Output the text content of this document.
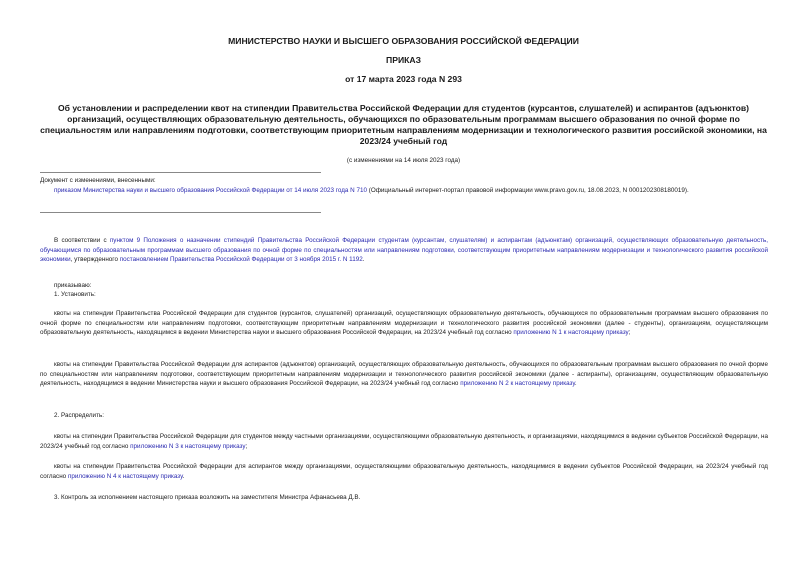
МИНИСТЕРСТВО НАУКИ И ВЫСШЕГО ОБРАЗОВАНИЯ РОССИЙСКОЙ ФЕДЕРАЦИИ
ПРИКАЗ
от 17 марта 2023 года N 293
Об установлении и распределении квот на стипендии Правительства Российской Федерации для студентов (курсантов, слушателей) и аспирантов (адъюнктов) организаций, осуществляющих образовательную деятельность, обучающихся по образовательным программам высшего образования по очной форме по специальностям или направлениям подготовки, соответствующим приоритетным направлениям модернизации и технологического развития российской экономики, на 2023/24 учебный год
(с изменениями на 14 июля 2023 года)
Документ с изменениями, внесенными:
приказом Министерства науки и высшего образования Российской Федерации от 14 июля 2023 года N 710 (Официальный интернет-портал правовой информации www.pravo.gov.ru, 18.08.2023, N 0001202308180019).
В соответствии с пунктом 9 Положения о назначении стипендий Правительства Российской Федерации студентам (курсантам, слушателям) и аспирантам (адъюнктам) организаций, осуществляющих образовательную деятельность, обучающимся по образовательным программам высшего образования по очной форме по специальностям или направлениям подготовки, соответствующим приоритетным направлениям модернизации и технологического развития российской экономики, утвержденного постановлением Правительства Российской Федерации от 3 ноября 2015 г. N 1192.
приказываю:
1. Установить:
квоты на стипендии Правительства Российской Федерации для студентов (курсантов, слушателей) организаций, осуществляющих образовательную деятельность, обучающихся по образовательным программам высшего образования по очной форме по специальностям или направлениям подготовки, соответствующим приоритетным направлениям модернизации и технологического развития российской экономики (далее - студенты), организациям, осуществляющим образовательную деятельность, находящимся в ведении Министерства науки и высшего образования Российской Федерации, на 2023/24 учебный год согласно приложению N 1 к настоящему приказу;
квоты на стипендии Правительства Российской Федерации для аспирантов (адъюнктов) организаций, осуществляющих образовательную деятельность, обучающихся по образовательным программам высшего образования по очной форме по специальностям или направлениям подготовки, соответствующим приоритетным направлениям модернизации и технологического развития российской экономики (далее - аспиранты), организациям, осуществляющим образовательную деятельность, находящимся в ведении Министерства науки и высшего образования Российской Федерации, на 2023/24 учебный год согласно приложению N 2 к настоящему приказу.
2. Распределить:
квоты на стипендии Правительства Российской Федерации для студентов между частными организациями, осуществляющими образовательную деятельность, и организациями, находящимися в ведении субъектов Российской Федерации, на 2023/24 учебный год согласно приложению N 3 к настоящему приказу;
квоты на стипендии Правительства Российской Федерации для аспирантов между организациями, осуществляющими образовательную деятельность, находящимися в ведении субъектов Российской Федерации, на 2023/24 учебный год согласно приложению N 4 к настоящему приказу.
3. Контроль за исполнением настоящего приказа возложить на заместителя Министра Афанасьева Д.В.
